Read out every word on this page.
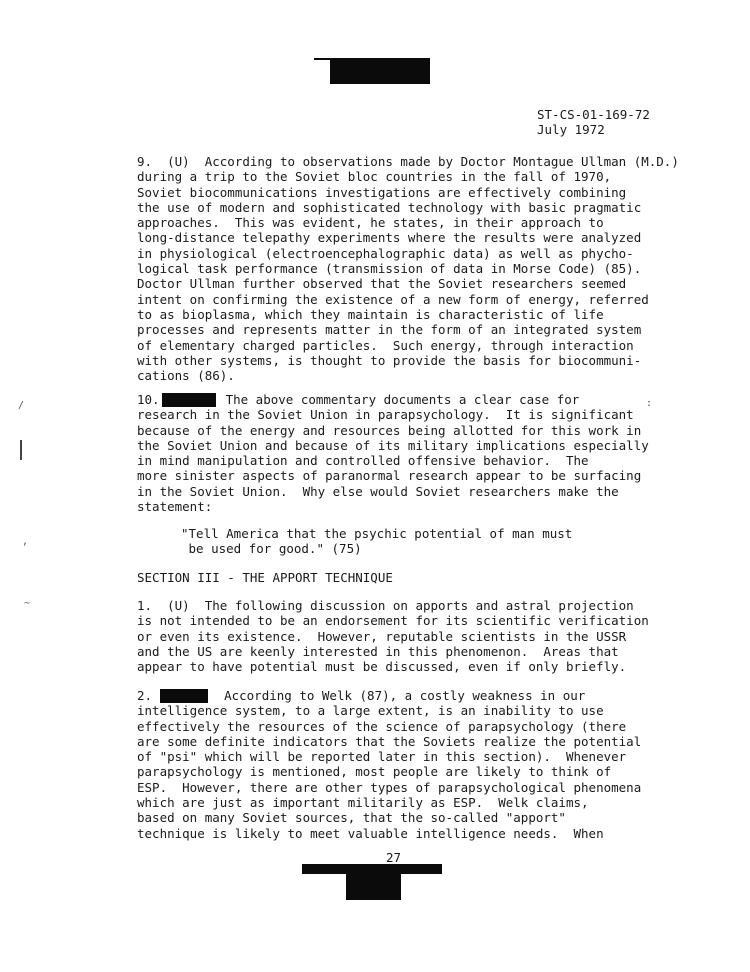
ST-CS-01-169-72
July 1972
9.  (U)  According to observations made by Doctor Montague Ullman (M.D.)
during a trip to the Soviet bloc countries in the fall of 1970,
Soviet biocommunications investigations are effectively combining
the use of modern and sophisticated technology with basic pragmatic
approaches.  This was evident, he states, in their approach to
long-distance telepathy experiments where the results were analyzed
in physiological (electroencephalographic data) as well as phycho-
logical task performance (transmission of data in Morse Code) (85).
Doctor Ullman further observed that the Soviet researchers seemed
intent on confirming the existence of a new form of energy, referred
to as bioplasma, which they maintain is characteristic of life
processes and represents matter in the form of an integrated system
of elementary charged particles.  Such energy, through interaction
with other systems, is thought to provide the basis for biocommuni-
cations (86).
10.	The above commentary documents a clear case for
research in the Soviet Union in parapsychology.  It is significant
because of the energy and resources being allotted for this work in
the Soviet Union and because of its military implications especially
in mind manipulation and controlled offensive behavior.  The
more sinister aspects of paranormal research appear to be surfacing
in the Soviet Union.  Why else would Soviet researchers make the
statement:
"Tell America that the psychic potential of man must
be used for good." (75)
SECTION III - THE APPORT TECHNIQUE
1.  (U)  The following discussion on apports and astral projection
is not intended to be an endorsement for its scientific verification
or even its existence.  However, reputable scientists in the USSR
and the US are keenly interested in this phenomenon.  Areas that
appear to have potential must be discussed, even if only briefly.
2.	According to Welk (87), a costly weakness in our
intelligence system, to a large extent, is an inability to use
effectively the resources of the science of parapsychology (there
are some definite indicators that the Soviets realize the potential
of "psi" which will be reported later in this section).  Whenever
parapsychology is mentioned, most people are likely to think of
ESP.  However, there are other types of parapsychological phenomena
which are just as important militarily as ESP.  Welk claims,
based on many Soviet sources, that the so-called "apport"
technique is likely to meet valuable intelligence needs.  When
27
/
,
~
:
